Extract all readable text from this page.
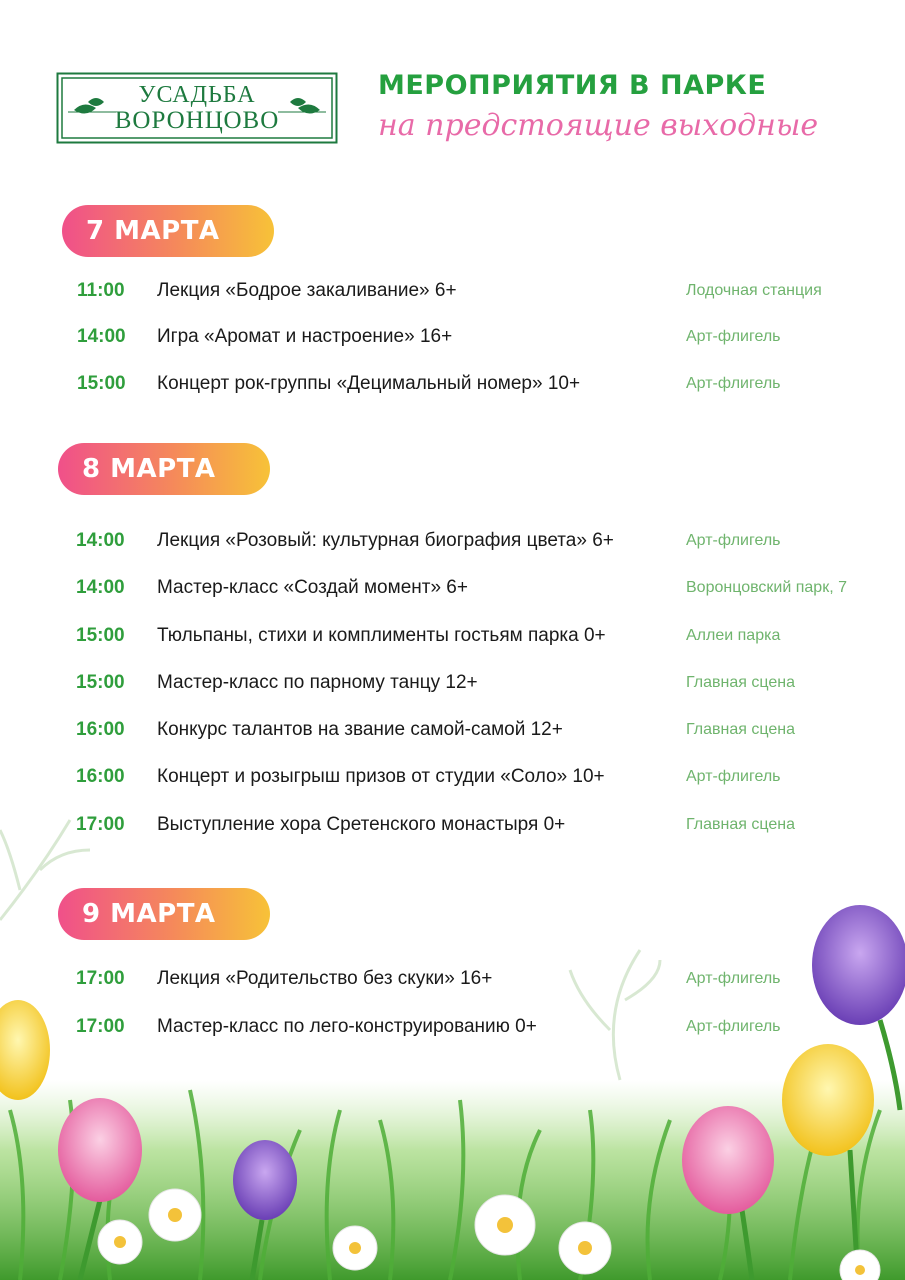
УСАДЬБА
ВОРОНЦОВО
МЕРОПРИЯТИЯ В ПАРКЕ
на предстоящие выходные
7 МАРТА
11:00 Лекция «Бодрое закаливание» 6+	Лодочная станция
14:00 Игра «Аромат и настроение» 16+	Арт-флигель
15:00 Концерт рок-группы «Децимальный номер» 10+	Арт-флигель
8 МАРТА
14:00 Лекция «Розовый: культурная биография цвета» 6+	Арт-флигель
14:00 Мастер-класс «Создай момент» 6+	Воронцовский парк, 7
15:00 Тюльпаны, стихи и комплименты гостьям парка 0+	Аллеи парка
15:00 Мастер-класс по парному танцу 12+	Главная сцена
16:00 Конкурс талантов на звание самой-самой 12+	Главная сцена
16:00 Концерт и розыгрыш призов от студии «Соло» 10+	Арт-флигель
17:00 Выступление хора Сретенского монастыря 0+	Главная сцена
9 МАРТА
17:00 Лекция «Родительство без скуки» 16+	Арт-флигель
17:00 Мастер-класс по лего-конструированию 0+	Арт-флигель
